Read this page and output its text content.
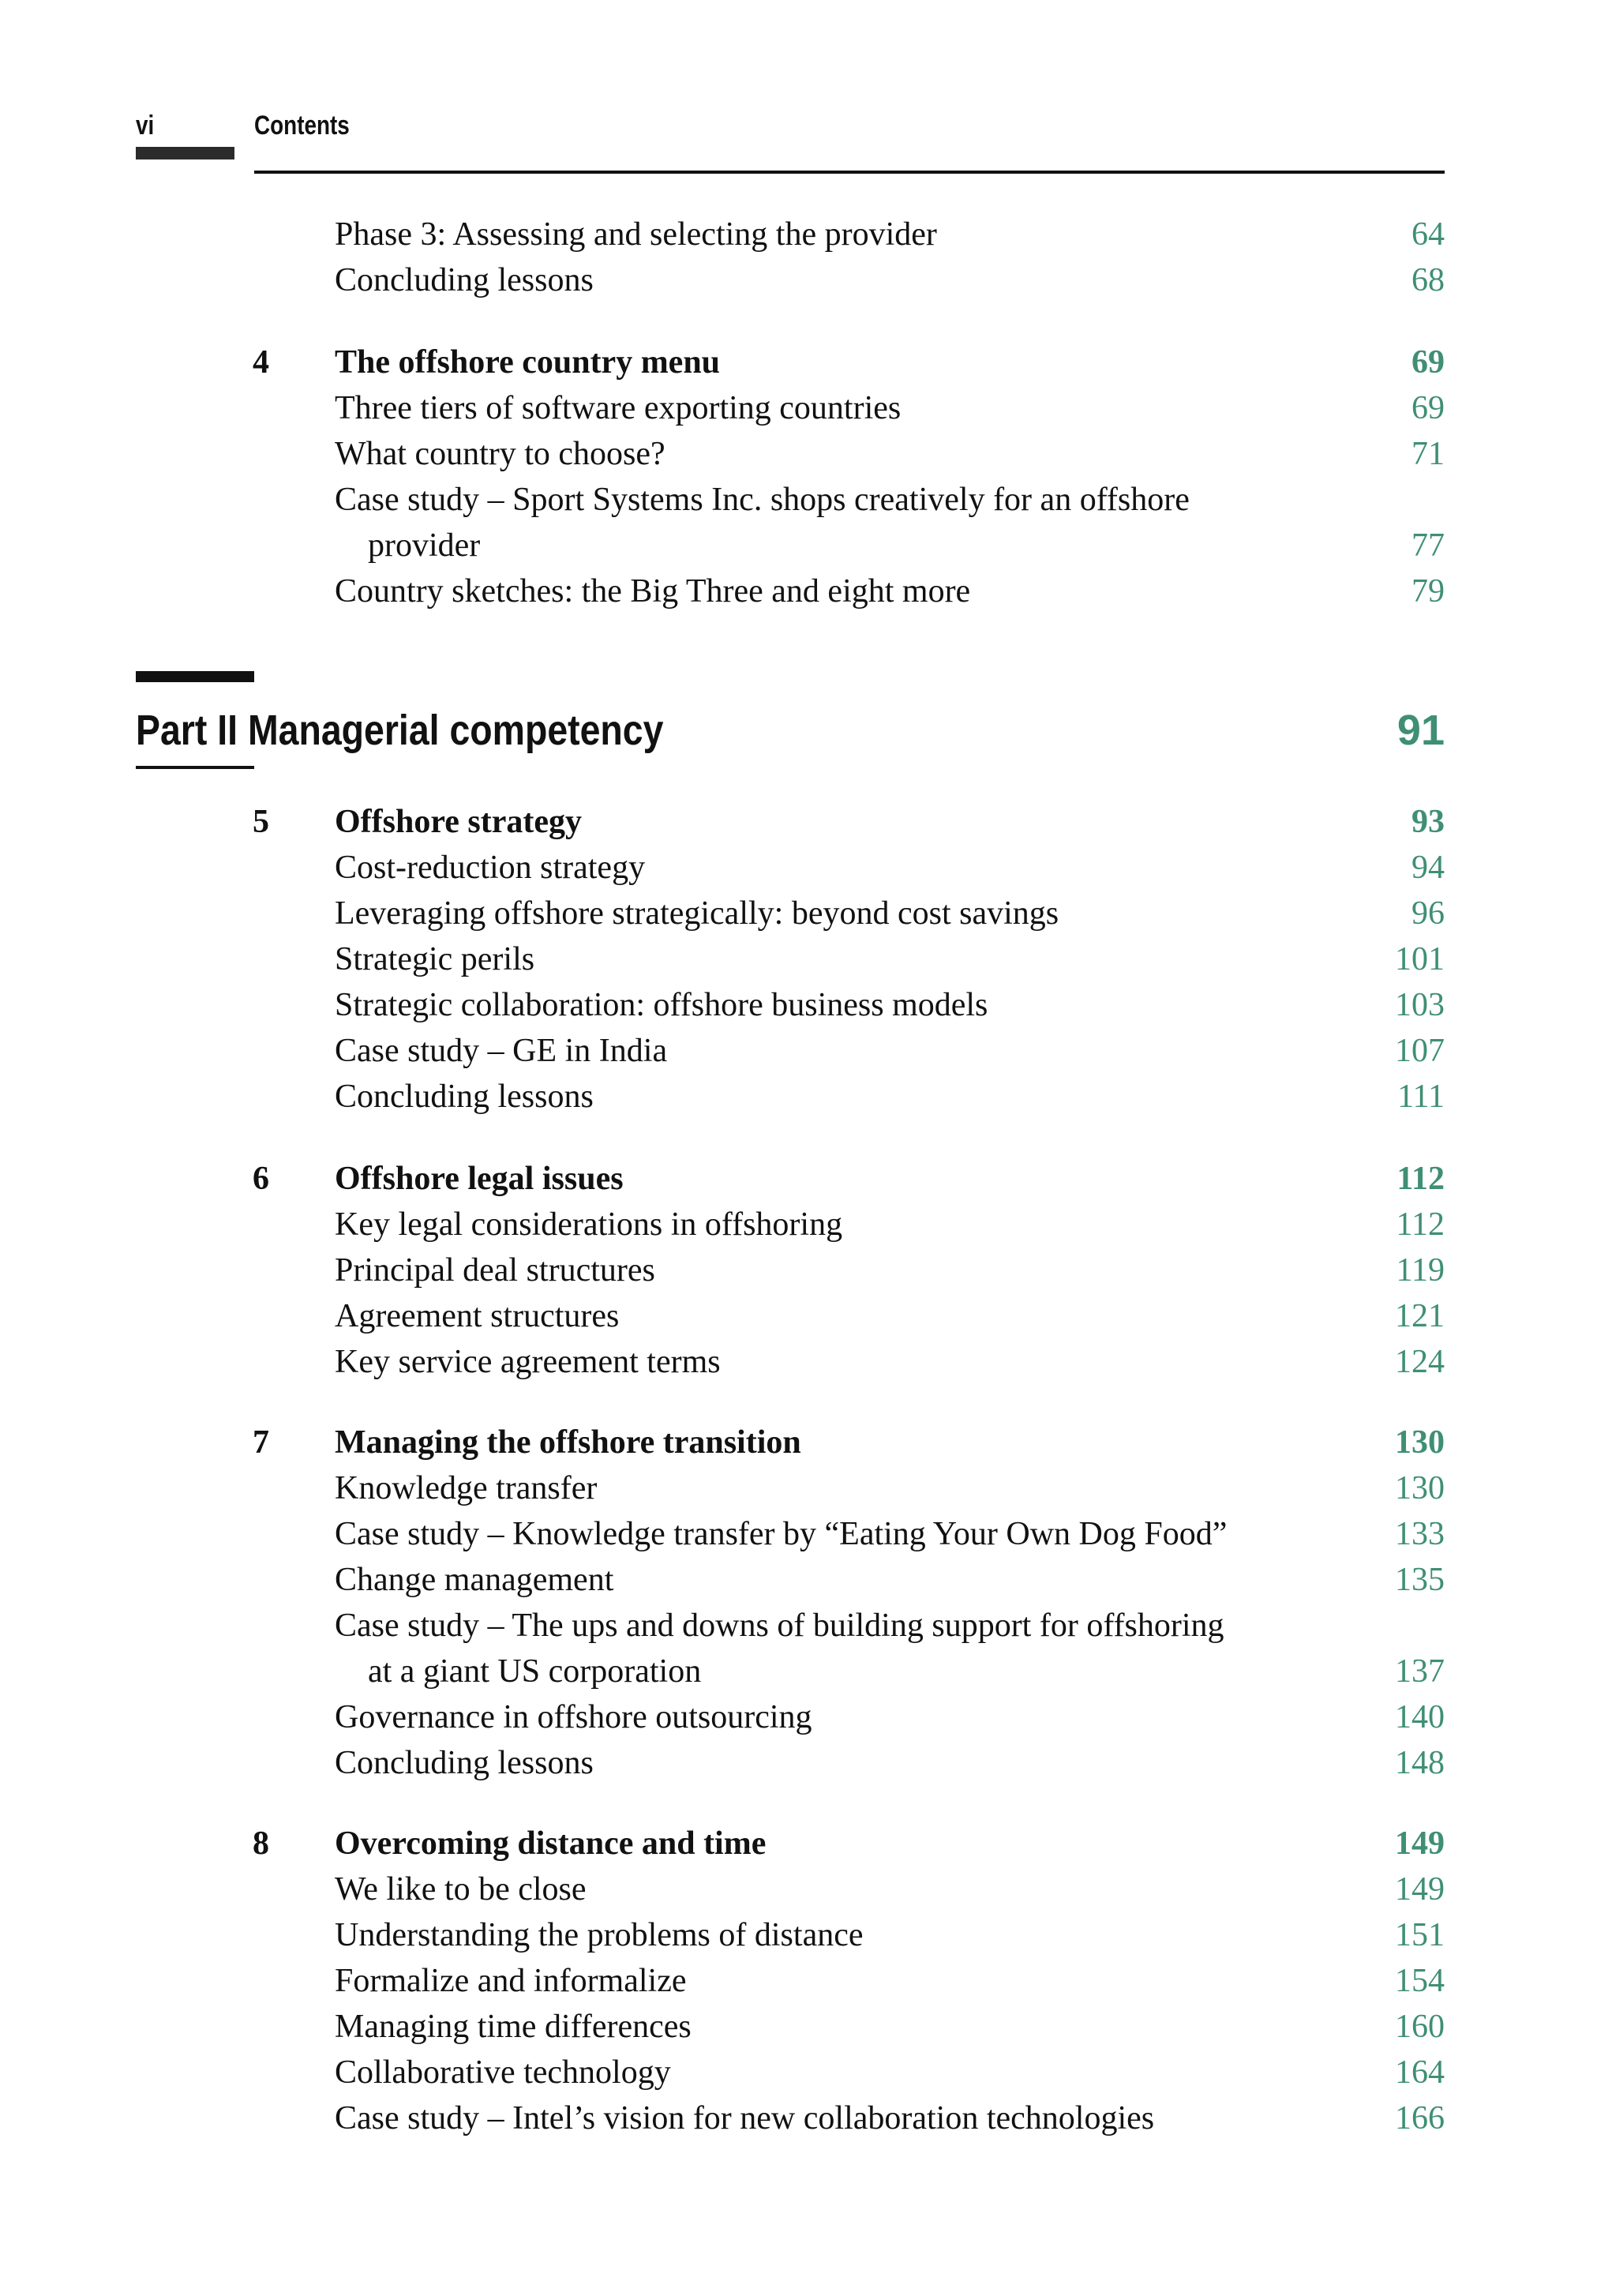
vi	Contents
Phase 3: Assessing and selecting the provider	64
Concluding lessons	68
4 The offshore country menu	69
Three tiers of software exporting countries	69
What country to choose?	71
Case study – Sport Systems Inc. shops creatively for an offshore
provider	77
Country sketches: the Big Three and eight more	79
Part II Managerial competency	91
5 Offshore strategy	93
Cost-reduction strategy	94
Leveraging offshore strategically: beyond cost savings	96
Strategic perils	101
Strategic collaboration: offshore business models	103
Case study – GE in India	107
Concluding lessons	111
6 Offshore legal issues	112
Key legal considerations in offshoring	112
Principal deal structures	119
Agreement structures	121
Key service agreement terms	124
7 Managing the offshore transition	130
Knowledge transfer	130
Case study – Knowledge transfer by “Eating Your Own Dog Food”	133
Change management	135
Case study – The ups and downs of building support for offshoring
at a giant US corporation	137
Governance in offshore outsourcing	140
Concluding lessons	148
8 Overcoming distance and time	149
We like to be close	149
Understanding the problems of distance	151
Formalize and informalize	154
Managing time differences	160
Collaborative technology	164
Case study – Intel’s vision for new collaboration technologies	166
